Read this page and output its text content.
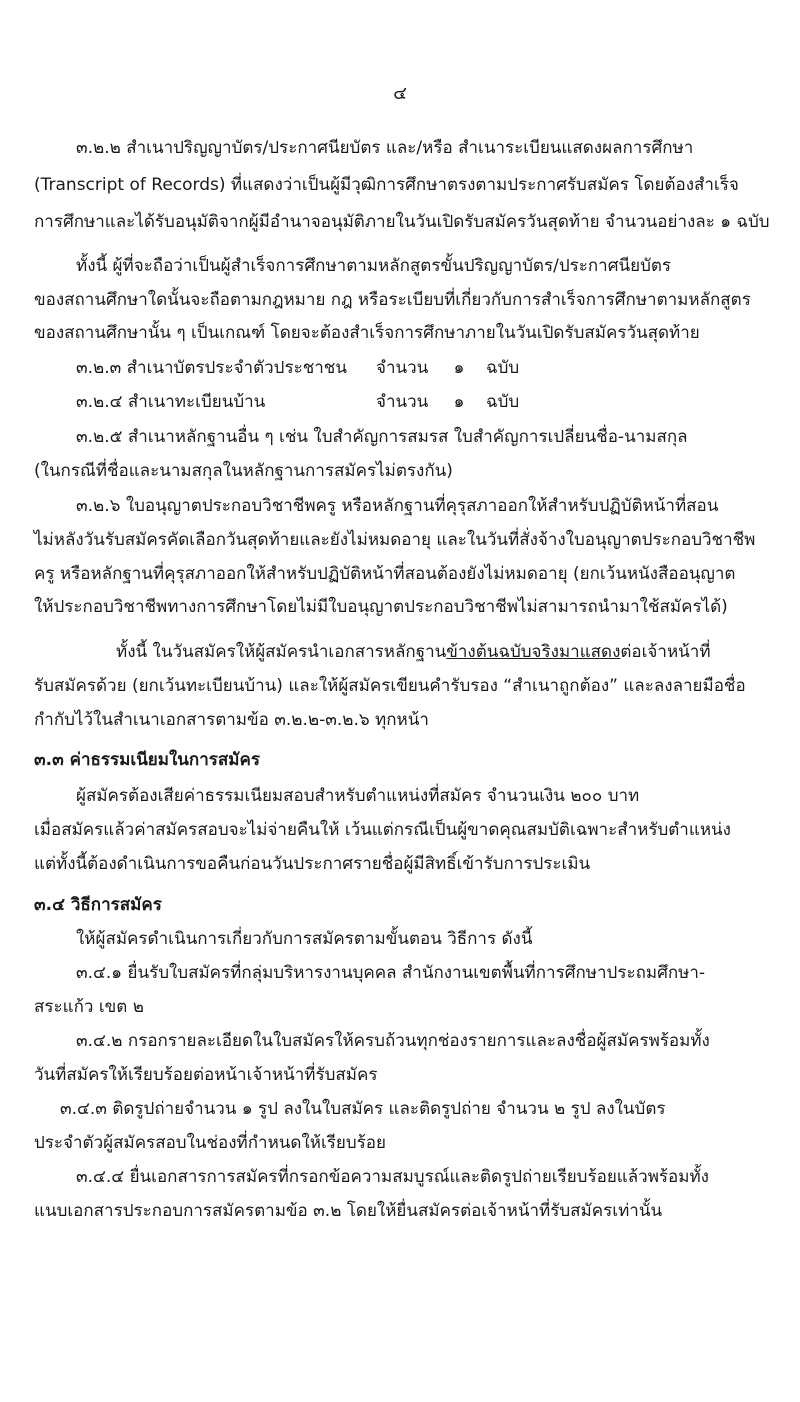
๔
๓.๒.๒ สำเนาปริญญาบัตร/ประกาศนียบัตร และ/หรือ สำเนาระเบียนแสดงผลการศึกษา
(Transcript of Records) ที่แสดงว่าเป็นผู้มีวุฒิการศึกษาตรงตามประกาศรับสมัคร โดยต้องสำเร็จ
การศึกษาและได้รับอนุมัติจากผู้มีอำนาจอนุมัติภายในวันเปิดรับสมัครวันสุดท้าย จำนวนอย่างละ ๑ ฉบับ
ทั้งนี้ ผู้ที่จะถือว่าเป็นผู้สำเร็จการศึกษาตามหลักสูตรขั้นปริญญาบัตร/ประกาศนียบัตร
ของสถานศึกษาใดนั้นจะถือตามกฎหมาย กฎ หรือระเบียบที่เกี่ยวกับการสำเร็จการศึกษาตามหลักสูตร
ของสถานศึกษานั้น ๆ เป็นเกณฑ์ โดยจะต้องสำเร็จการศึกษาภายในวันเปิดรับสมัครวันสุดท้าย
๓.๒.๓ สำเนาบัตรประจำตัวประชาชน จำนวน ๑ ฉบับ
๓.๒.๔ สำเนาทะเบียนบ้าน	จำนวน ๑ ฉบับ
๓.๒.๕ สำเนาหลักฐานอื่น ๆ เช่น ใบสำคัญการสมรส ใบสำคัญการเปลี่ยนชื่อ-นามสกุล
(ในกรณีที่ชื่อและนามสกุลในหลักฐานการสมัครไม่ตรงกัน)
๓.๒.๖ ใบอนุญาตประกอบวิชาชีพครู หรือหลักฐานที่คุรุสภาออกให้สำหรับปฏิบัติหน้าที่สอน
ไม่หลังวันรับสมัครคัดเลือกวันสุดท้ายและยังไม่หมดอายุ และในวันที่สั่งจ้างใบอนุญาตประกอบวิชาชีพ
ครู หรือหลักฐานที่คุรุสภาออกให้สำหรับปฏิบัติหน้าที่สอนต้องยังไม่หมดอายุ (ยกเว้นหนังสืออนุญาต
ให้ประกอบวิชาชีพทางการศึกษาโดยไม่มีใบอนุญาตประกอบวิชาชีพไม่สามารถนำมาใช้สมัครได้)
ทั้งนี้ ในวันสมัครให้ผู้สมัครนำเอกสารหลักฐานข้างต้นฉบับจริงมาแสดงต่อเจ้าหน้าที่
รับสมัครด้วย (ยกเว้นทะเบียนบ้าน) และให้ผู้สมัครเขียนคำรับรอง “สำเนาถูกต้อง” และลงลายมือชื่อ
กำกับไว้ในสำเนาเอกสารตามข้อ ๓.๒.๒-๓.๒.๖ ทุกหน้า
๓.๓ ค่าธรรมเนียมในการสมัคร
ผู้สมัครต้องเสียค่าธรรมเนียมสอบสำหรับตำแหน่งที่สมัคร จำนวนเงิน ๒๐๐ บาท
เมื่อสมัครแล้วค่าสมัครสอบจะไม่จ่ายคืนให้ เว้นแต่กรณีเป็นผู้ขาดคุณสมบัติเฉพาะสำหรับตำแหน่ง
แต่ทั้งนี้ต้องดำเนินการขอคืนก่อนวันประกาศรายชื่อผู้มีสิทธิ์เข้ารับการประเมิน
๓.๔ วิธีการสมัคร
ให้ผู้สมัครดำเนินการเกี่ยวกับการสมัครตามขั้นตอน วิธีการ ดังนี้
๓.๔.๑ ยื่นรับใบสมัครที่กลุ่มบริหารงานบุคคล สำนักงานเขตพื้นที่การศึกษาประถมศึกษา-
สระแก้ว เขต ๒
๓.๔.๒ กรอกรายละเอียดในใบสมัครให้ครบถ้วนทุกช่องรายการและลงชื่อผู้สมัครพร้อมทั้ง
วันที่สมัครให้เรียบร้อยต่อหน้าเจ้าหน้าที่รับสมัคร
๓.๔.๓ ติดรูปถ่ายจำนวน ๑ รูป ลงในใบสมัคร และติดรูปถ่าย จำนวน ๒ รูป ลงในบัตร
ประจำตัวผู้สมัครสอบในช่องที่กำหนดให้เรียบร้อย
๓.๔.๔ ยื่นเอกสารการสมัครที่กรอกข้อความสมบูรณ์และติดรูปถ่ายเรียบร้อยแล้วพร้อมทั้ง
แนบเอกสารประกอบการสมัครตามข้อ ๓.๒ โดยให้ยื่นสมัครต่อเจ้าหน้าที่รับสมัครเท่านั้น
